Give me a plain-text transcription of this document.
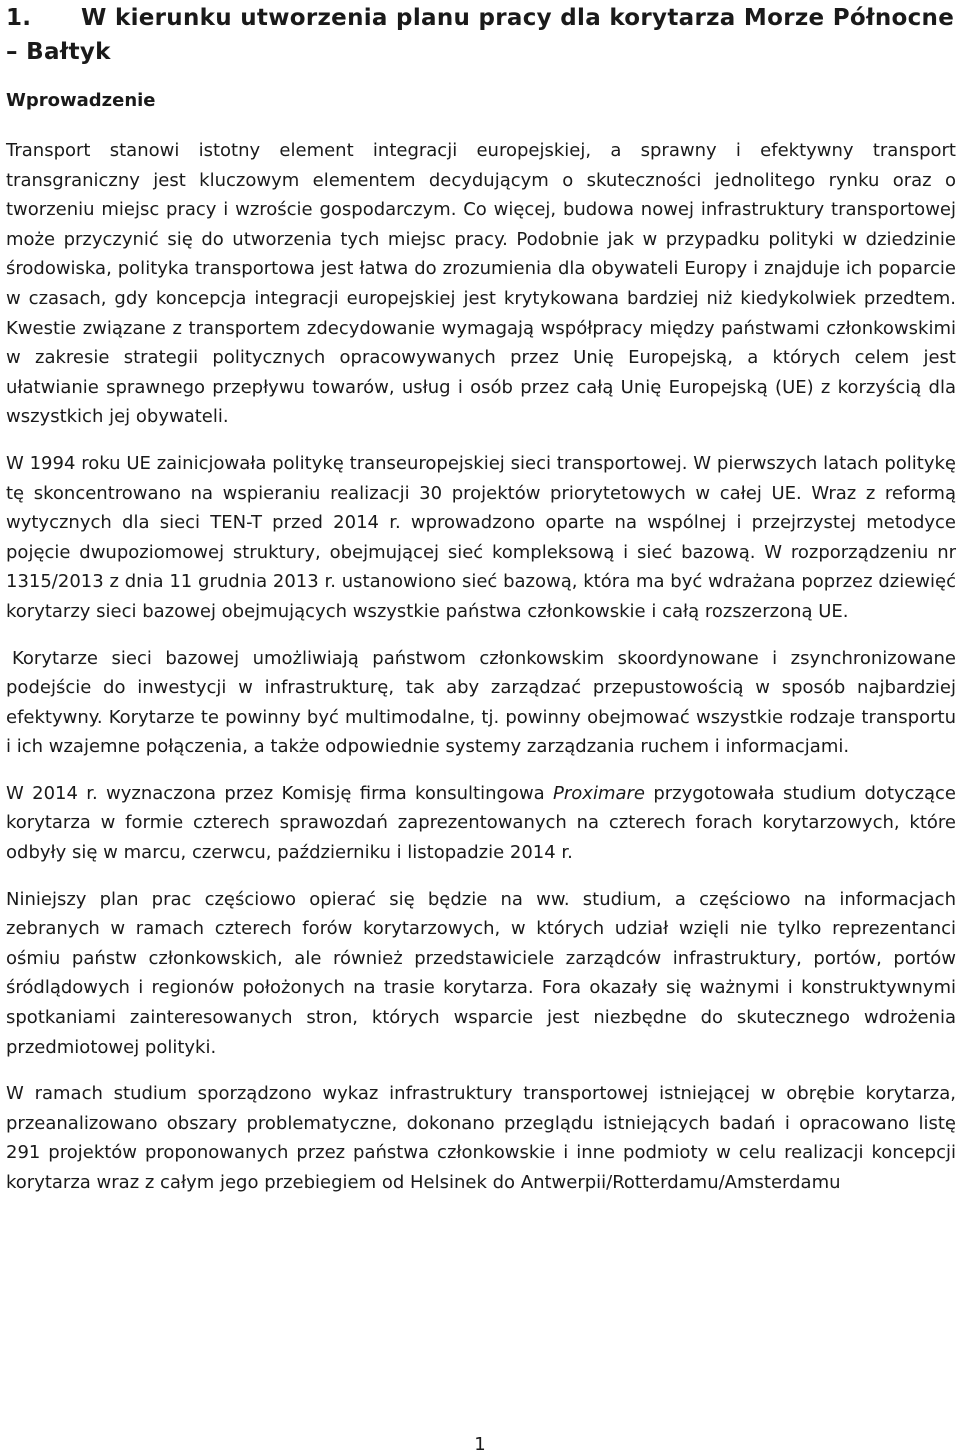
1. W kierunku utworzenia planu pracy dla korytarza Morze Północne – Bałtyk
Wprowadzenie

Transport stanowi istotny element integracji europejskiej, a sprawny i efektywny transport transgraniczny jest kluczowym elementem decydującym o skuteczności jednolitego rynku oraz o tworzeniu miejsc pracy i wzroście gospodarczym. Co więcej, budowa nowej infrastruktury transportowej może przyczynić się do utworzenia tych miejsc pracy. Podobnie jak w przypadku polityki w dziedzinie środowiska, polityka transportowa jest łatwa do zrozumienia dla obywateli Europy i znajduje ich poparcie w czasach, gdy koncepcja integracji europejskiej jest krytykowana bardziej niż kiedykolwiek przedtem. Kwestie związane z transportem zdecydowanie wymagają współpracy między państwami członkowskimi w zakresie strategii politycznych opracowywanych przez Unię Europejską, a których celem jest ułatwianie sprawnego przepływu towarów, usług i osób przez całą Unię Europejską (UE) z korzyścią dla wszystkich jej obywateli.

W 1994 roku UE zainicjowała politykę transeuropejskiej sieci transportowej. W pierwszych latach politykę tę skoncentrowano na wspieraniu realizacji 30 projektów priorytetowych w całej UE. Wraz z reformą wytycznych dla sieci TEN-T przed 2014 r. wprowadzono oparte na wspólnej i przejrzystej metodyce pojęcie dwupoziomowej struktury, obejmującej sieć kompleksową i sieć bazową. W rozporządzeniu nr 1315/2013 z dnia 11 grudnia 2013 r. ustanowiono sieć bazową, która ma być wdrażana poprzez dziewięć korytarzy sieci bazowej obejmujących wszystkie państwa członkowskie i całą rozszerzoną UE.

Korytarze sieci bazowej umożliwiają państwom członkowskim skoordynowane i zsynchronizowane podejście do inwestycji w infrastrukturę, tak aby zarządzać przepustowością w sposób najbardziej efektywny. Korytarze te powinny być multimodalne, tj. powinny obejmować wszystkie rodzaje transportu i ich wzajemne połączenia, a także odpowiednie systemy zarządzania ruchem i informacjami.

W 2014 r. wyznaczona przez Komisję firma konsultingowa Proximare przygotowała studium dotyczące korytarza w formie czterech sprawozdań zaprezentowanych na czterech forach korytarzowych, które odbyły się w marcu, czerwcu, październiku i listopadzie 2014 r.

Niniejszy plan prac częściowo opierać się będzie na ww. studium, a częściowo na informacjach zebranych w ramach czterech forów korytarzowych, w których udział wzięli nie tylko reprezentanci ośmiu państw członkowskich, ale również przedstawiciele zarządców infrastruktury, portów, portów śródlądowych i regionów położonych na trasie korytarza. Fora okazały się ważnymi i konstruktywnymi spotkaniami zainteresowanych stron, których wsparcie jest niezbędne do skutecznego wdrożenia przedmiotowej polityki.

W ramach studium sporządzono wykaz infrastruktury transportowej istniejącej w obrębie korytarza, przeanalizowano obszary problematyczne, dokonano przeglądu istniejących badań i opracowano listę 291 projektów proponowanych przez państwa członkowskie i inne podmioty w celu realizacji koncepcji korytarza wraz z całym jego przebiegiem od Helsinek do Antwerpii/Rotterdamu/Amsterdamu

1
